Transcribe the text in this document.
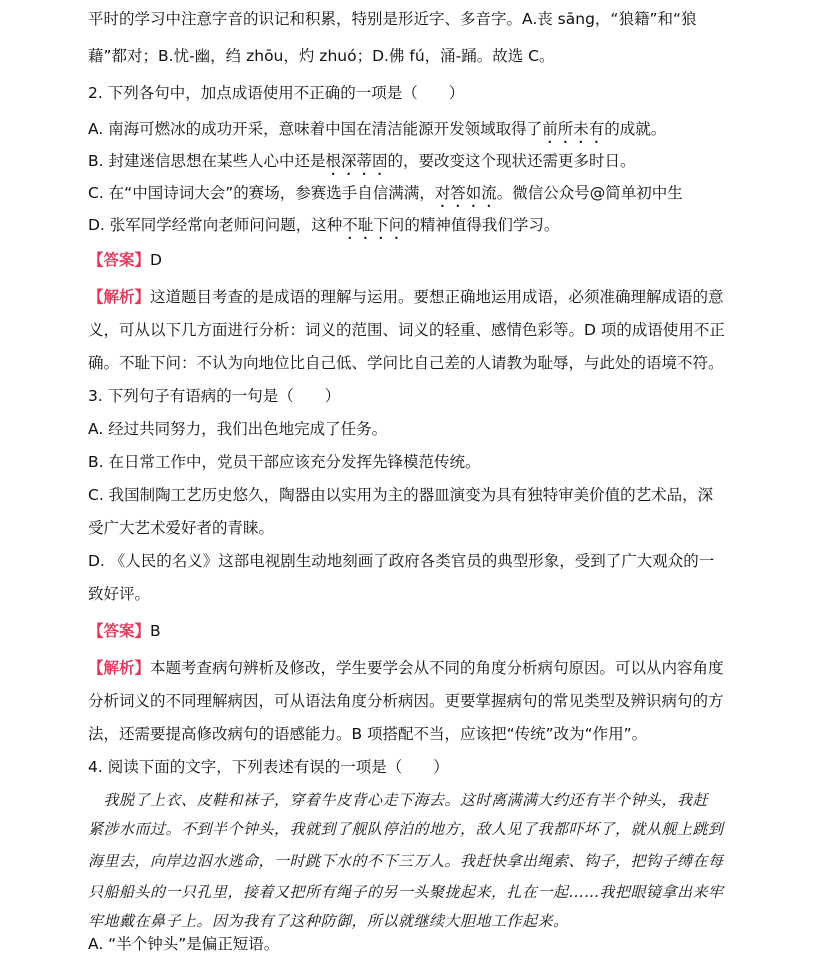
平时的学习中注意字音的识记和积累，特别是形近字、多音字。A.丧 sāng，“狼籍”和“狼
藉”都对；B.忧-幽，绉 zhōu，灼 zhuó；D.佛 fú，涌-踊。故选 C。
2. 下列各句中，加点成语使用不正确的一项是（　　）
A. 南海可燃冰的成功开采，意味着中国在清洁能源开发领域取得了前所未有的成就。
B. 封建迷信思想在某些人心中还是根深蒂固的，要改变这个现状还需更多时日。
C. 在“中国诗词大会”的赛场，参赛选手自信满满，对答如流。微信公众号@简单初中生
D. 张军同学经常向老师问问题，这种不耻下问的精神值得我们学习。
【答案】D
【解析】这道题目考查的是成语的理解与运用。要想正确地运用成语，必须准确理解成语的意
义，可从以下几方面进行分析：词义的范围、词义的轻重、感情色彩等。D 项的成语使用不正
确。不耻下问：不认为向地位比自己低、学问比自己差的人请教为耻辱，与此处的语境不符。
3. 下列句子有语病的一句是（　　）
A. 经过共同努力，我们出色地完成了任务。
B. 在日常工作中，党员干部应该充分发挥先锋模范传统。
C. 我国制陶工艺历史悠久，陶器由以实用为主的器皿演变为具有独特审美价值的艺术品，深
受广大艺术爱好者的青睐。
D. 《人民的名义》这部电视剧生动地刻画了政府各类官员的典型形象，受到了广大观众的一
致好评。
【答案】B
【解析】本题考查病句辨析及修改，学生要学会从不同的角度分析病句原因。可以从内容角度
分析词义的不同理解病因，可从语法角度分析病因。更要掌握病句的常见类型及辨识病句的方
法，还需要提高修改病句的语感能力。B 项搭配不当，应该把“传统”改为“作用”。
4. 阅读下面的文字，下列表述有误的一项是（　　）
　我脱了上衣、皮鞋和袜子，穿着牛皮背心走下海去。这时离满满大约还有半个钟头，我赶
紧涉水而过。不到半个钟头，我就到了舰队停泊的地方，敌人见了我都吓坏了，就从舰上跳到
海里去，向岸边泅水逃命，一时跳下水的不下三万人。我赶快拿出绳索、钩子，把钩子缚在每
只船船头的一只孔里，接着又把所有绳子的另一头聚拢起来，扎在一起……我把眼镜拿出来牢
牢地戴在鼻子上。因为我有了这种防御，所以就继续大胆地工作起来。
A. “半个钟头”是偏正短语。
